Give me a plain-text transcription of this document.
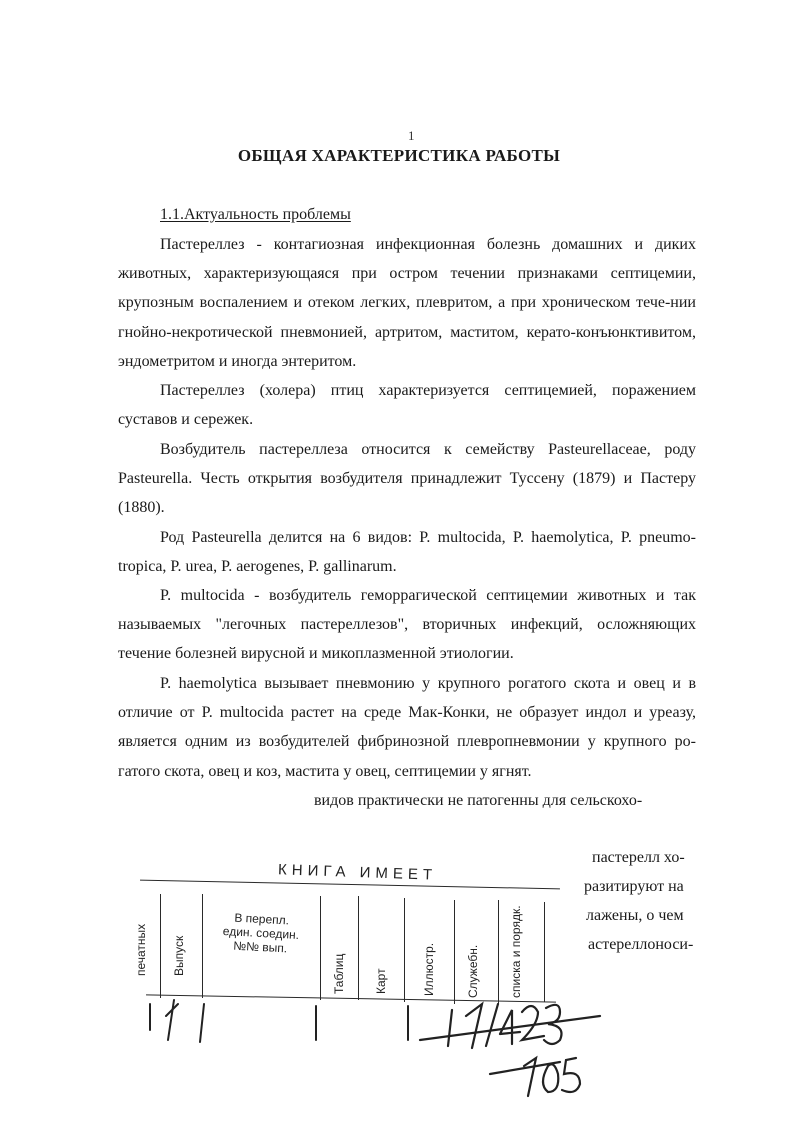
1
ОБЩАЯ ХАРАКТЕРИСТИКА РАБОТЫ
1.1.Актуальность проблемы

Пастереллез - контагиозная инфекционная болезнь домашних и диких животных, характеризующаяся при остром течении признаками септицемии, крупозным воспалением и отеком легких, плевритом, а при хроническом тече-нии гнойно-некротической пневмонией, артритом, маститом, керато-конъюнктивитом, эндометритом и иногда энтеритом.

Пастереллез (холера) птиц характеризуется септицемией, поражением суставов и сережек.

Возбудитель пастереллеза относится к семейству Pasteurellaceae, роду Pasteurella. Честь открытия возбудителя принадлежит Туссену (1879) и Пастеру (1880).

Род Pasteurella делится на 6 видов: P. multocida, P. haemolytica, P. pneumo-tropica, P. urea, P. aerogenes, P. gallinarum.

P. multocida - возбудитель геморрагической септицемии животных и так называемых "легочных пастереллезов", вторичных инфекций, осложняющих течение болезней вирусной и микоплазменной этиологии.

P. haemolytica вызывает пневмонию у крупного рогатого скота и овец и в отличие от P. multocida растет на среде Мак-Конки, не образует индол и уреазу, является одним из возбудителей фибринозной плевропневмонии у крупного ро-гатого скота, овец и коз, мастита у овец, септицемии у ягнят.

видов практически не патогенны для сельскохо-
пастерелл хо-
разитируют на
лажены, о чем
астереллоноси-
КНИГА ИМЕЕТ
печатных Выпуск
В перепл.
един. соедин.
№№ вып.
Таблиц Карт	Иллюстр.	Служебн. списка и порядк.
